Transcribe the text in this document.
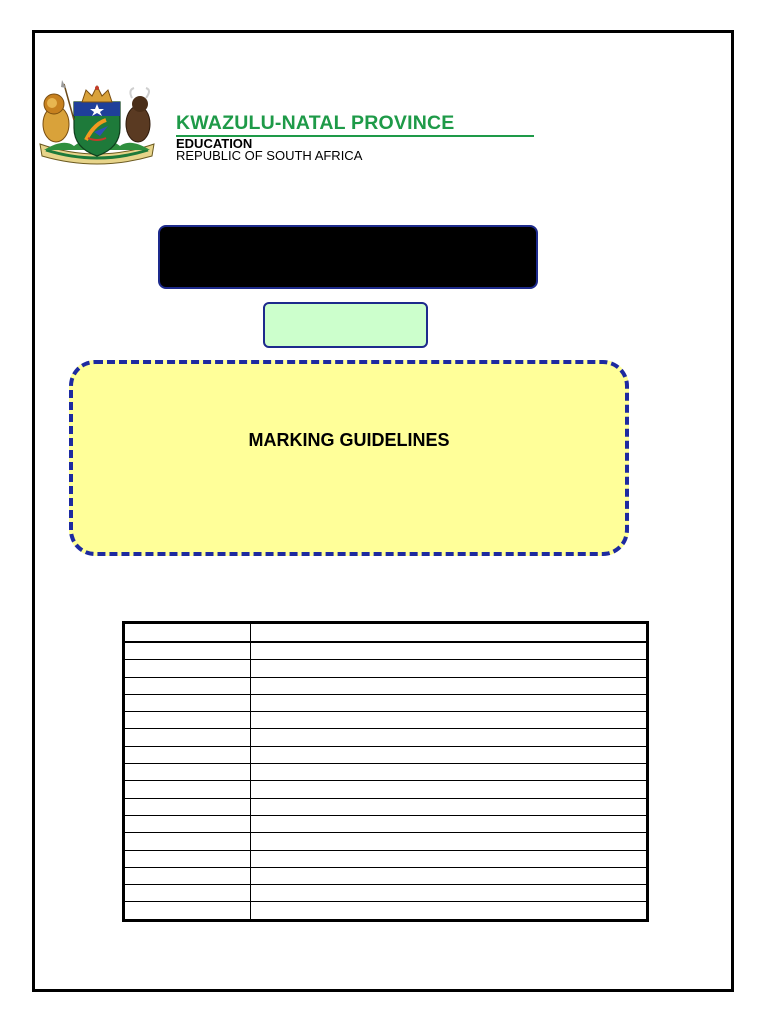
KWAZULU-NATAL PROVINCE
EDUCATION
REPUBLIC OF SOUTH AFRICA
MARKING GUIDELINES
